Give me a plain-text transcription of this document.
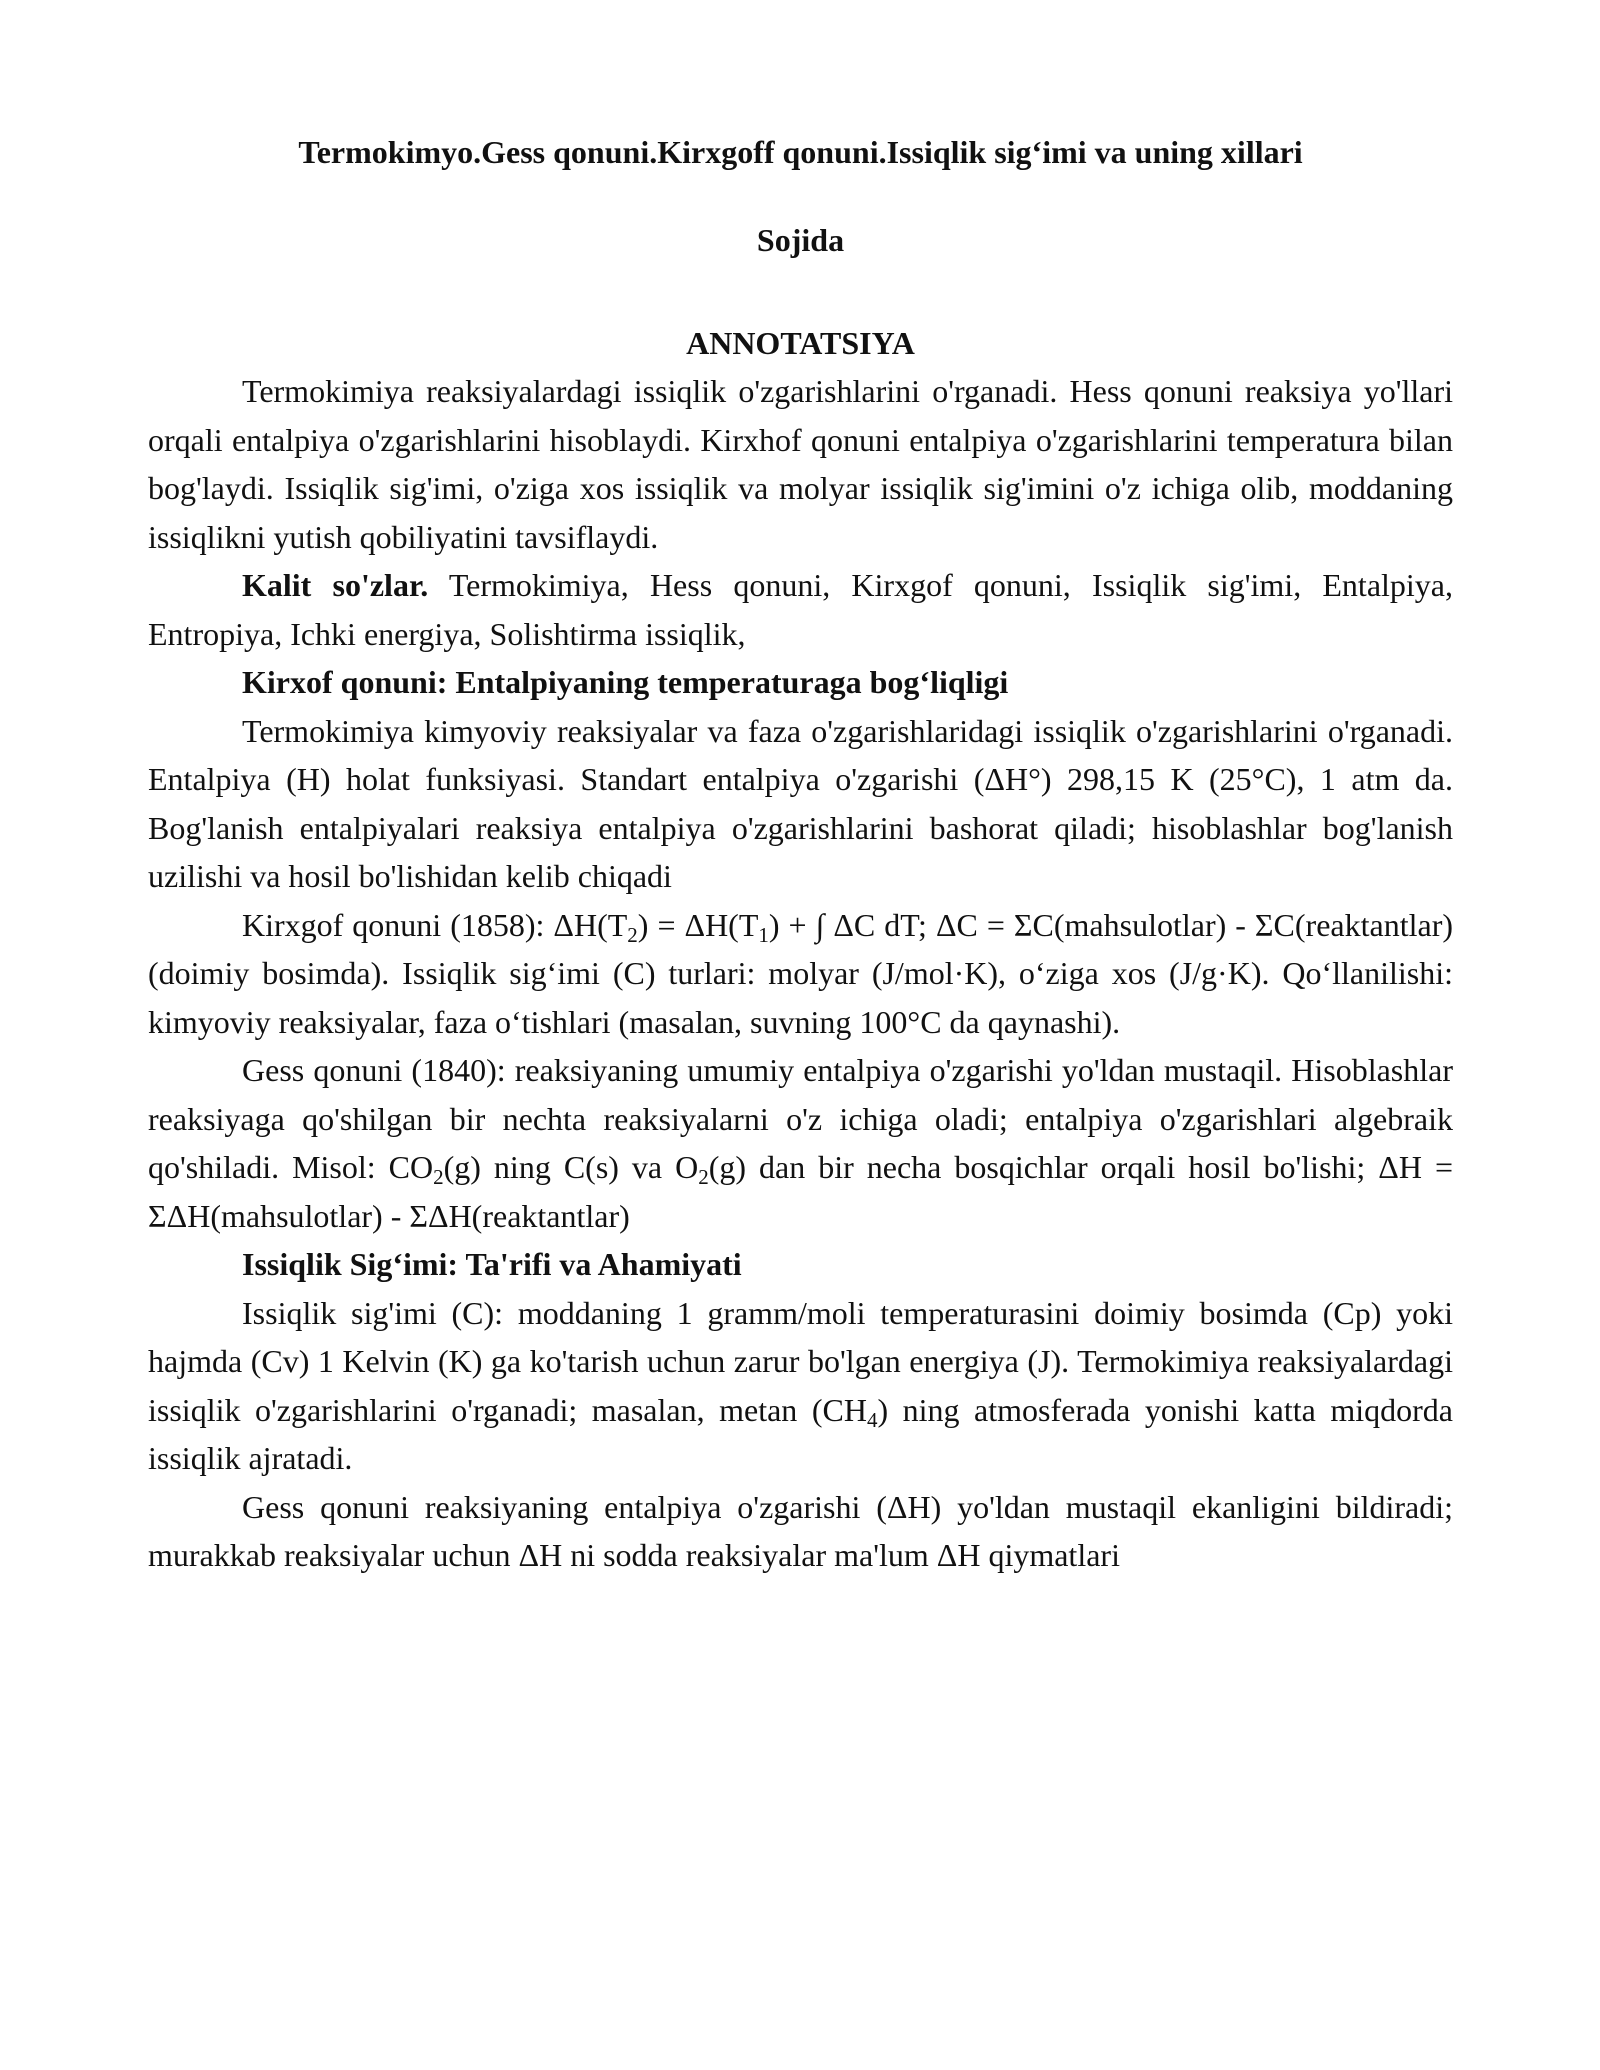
Termokimyo.Gess qonuni.Kirxgoff qonuni.Issiqlik sig‘imi va uning xillari

Sojida

ANNOTATSIYA

Termokimiya reaksiyalardagi issiqlik o'zgarishlarini o'rganadi. Hess qonuni reaksiya yo'llari orqali entalpiya o'zgarishlarini hisoblaydi. Kirxhof qonuni entalpiya o'zgarishlarini temperatura bilan bog'laydi. Issiqlik sig'imi, o'ziga xos issiqlik va molyar issiqlik sig'imini o'z ichiga olib, moddaning issiqlikni yutish qobiliyatini tavsiflaydi.

Kalit so'zlar. Termokimiya, Hess qonuni, Kirxgof qonuni, Issiqlik sig'imi, Entalpiya, Entropiya, Ichki energiya, Solishtirma issiqlik,

Kirxof qonuni: Entalpiyaning temperaturaga bog‘liqligi

Termokimiya kimyoviy reaksiyalar va faza o'zgarishlaridagi issiqlik o'zgarishlarini o'rganadi. Entalpiya (H) holat funksiyasi. Standart entalpiya o'zgarishi (ΔH°) 298,15 K (25°C), 1 atm da. Bog'lanish entalpiyalari reaksiya entalpiya o'zgarishlarini bashorat qiladi; hisoblashlar bog'lanish uzilishi va hosil bo'lishidan kelib chiqadi

Kirxgof qonuni (1858): $\Delta H(T_2) = \Delta H(T_1)$ + ∫ ΔC dT; ΔC = ΣC(mahsulotlar) - ΣC(reaktantlar) (doimiy bosimda). Issiqlik sig‘imi (C) turlari: molyar (J/mol·K), o‘ziga xos (J/g·K). Qo‘llanilishi: kimyoviy reaksiyalar, faza o‘tishlari (masalan, suvning 100°C da qaynashi).

Gess qonuni (1840): reaksiyaning umumiy entalpiya o'zgarishi yo'ldan mustaqil. Hisoblashlar reaksiyaga qo'shilgan bir nechta reaksiyalarni o'z ichiga oladi; entalpiya o'zgarishlari algebraik qo'shiladi. Misol: $CO_2(g)$ ning C(s) va $O_2(g)$ dan bir necha bosqichlar orqali hosil bo'lishi; ΔH = ΣΔH(mahsulotlar) - ΣΔH(reaktantlar)

Issiqlik Sig‘imi: Ta'rifi va Ahamiyati

Issiqlik sig'imi (C): moddaning 1 gramm/moli temperaturasini doimiy bosimda (Cp) yoki hajmda (Cv) 1 Kelvin (K) ga ko'tarish uchun zarur bo'lgan energiya (J). Termokimiya reaksiyalardagi issiqlik o'zgarishlarini o'rganadi; masalan, metan $(CH_4)$ ning atmosferada yonishi katta miqdorda issiqlik ajratadi.

Gess qonuni reaksiyaning entalpiya o'zgarishi (ΔH) yo'ldan mustaqil ekanligini bildiradi; murakkab reaksiyalar uchun ΔH ni sodda reaksiyalar ma'lum ΔH qiymatlari
